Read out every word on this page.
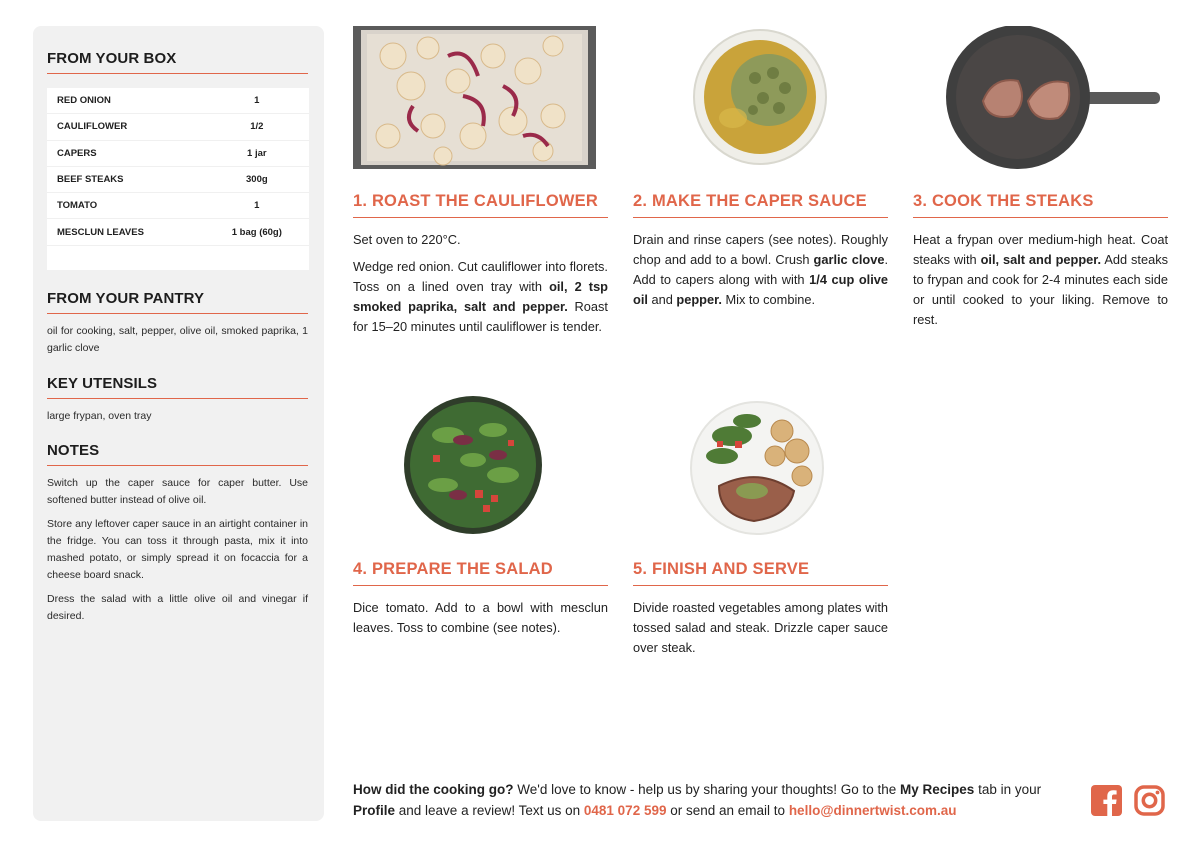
FROM YOUR BOX
RED ONION	1
CAULIFLOWER	1/2
CAPERS	1 jar
BEEF STEAKS	300g
TOMATO	1
MESCLUN LEAVES	1 bag (60g)
FROM YOUR PANTRY
oil for cooking, salt, pepper, olive oil, smoked paprika, 1 garlic clove
KEY UTENSILS
large frypan, oven tray
NOTES

Switch up the caper sauce for caper butter. Use softened butter instead of olive oil.

Store any leftover caper sauce in an airtight container in the fridge. You can toss it through pasta, mix it into mashed potato, or simply spread it on focaccia for a cheese board snack.

Dress the salad with a little olive oil and vinegar if desired.

1. ROAST THE CAULIFLOWER

Set oven to 220°C.

Wedge red onion. Cut cauliflower into florets. Toss on a lined oven tray with oil, 2 tsp smoked paprika, salt and pepper. Roast for 15–20 minutes until cauliflower is tender.

2. MAKE THE CAPER SAUCE

Drain and rinse capers (see notes). Roughly chop and add to a bowl. Crush garlic clove. Add to capers along with with 1/4 cup olive oil and pepper. Mix to combine.

3. COOK THE STEAKS

Heat a frypan over medium-high heat. Coat steaks with oil, salt and pepper. Add steaks to frypan and cook for 2-4 minutes each side or until cooked to your liking. Remove to rest.

4. PREPARE THE SALAD

Dice tomato. Add to a bowl with mesclun leaves. Toss to combine (see notes).

5. FINISH AND SERVE

Divide roasted vegetables among plates with tossed salad and steak. Drizzle caper sauce over steak.

How did the cooking go? We'd love to know - help us by sharing your thoughts! Go to the My Recipes tab in your Profile and leave a review! Text us on 0481 072 599 or send an email to hello@dinnertwist.com.au
